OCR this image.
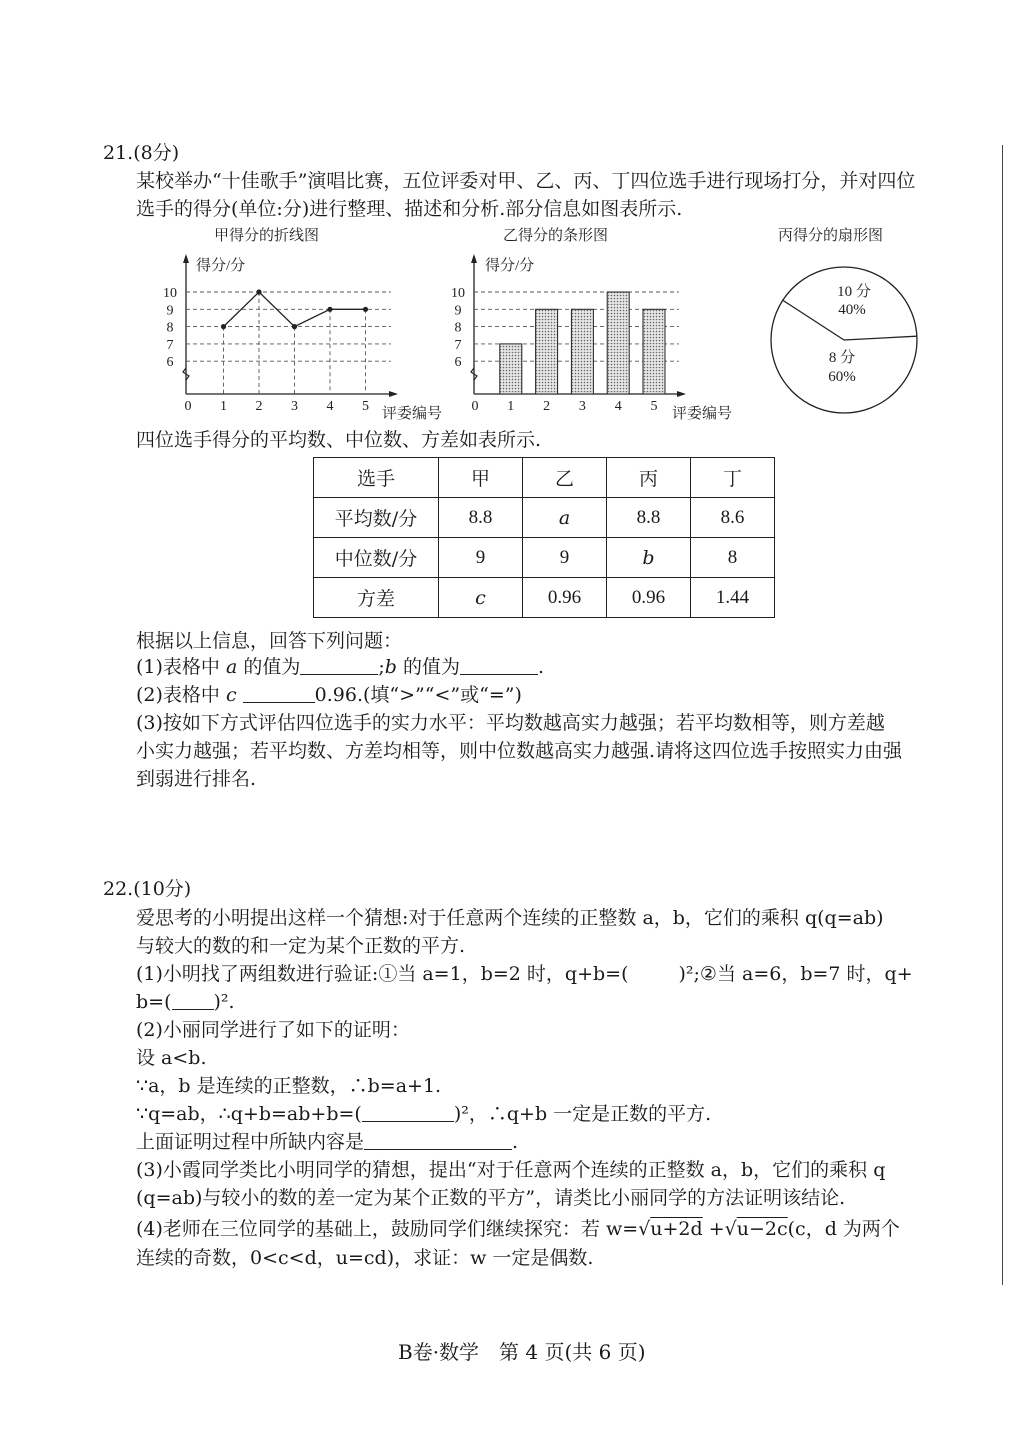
21.(8分)
某校举办“十佳歌手”演唱比赛，五位评委对甲、乙、丙、丁四位选手进行现场打分，并对四位
选手的得分(单位:分)进行整理、描述和分析.部分信息如图表所示.
甲得分的折线图
得分/分
6
7
8
9
10
0 1 2 3 4 5 评委编号
乙得分的条形图
得分/分
6
7
8
9
10
0 1 2 3 4 5 评委编号
丙得分的扇形图
10 分
40%
8 分
60%
四位选手得分的平均数、中位数、方差如表所示.
选手	甲	乙	丙	丁
平均数/分	8.8	a	8.8	8.6
中位数/分	9	9	b	8
方差	c	0.96	0.96	1.44
根据以上信息，回答下列问题：
(1)表格中 a 的值为	;b 的值为	.
(2)表格中 c	0.96.(填“>”“<”或“=”)
(3)按如下方式评估四位选手的实力水平：平均数越高实力越强；若平均数相等，则方差越
小实力越强；若平均数、方差均相等，则中位数越高实力越强.请将这四位选手按照实力由强
到弱进行排名.
22.(10分)
爱思考的小明提出这样一个猜想:对于任意两个连续的正整数 a，b，它们的乘积 q(q=ab)
与较大的数的和一定为某个正数的平方.
(1)小明找了两组数进行验证:①当 a=1，b=2 时，q+b=(	)²;②当 a=6，b=7 时，q+
b=( )².
(2)小丽同学进行了如下的证明：
设 a<b.
∵a，b 是连续的正整数，∴b=a+1.
∵q=ab，∴q+b=ab+b=(	)²，∴q+b 一定是正数的平方.
上面证明过程中所缺内容是	.
(3)小霞同学类比小明同学的猜想，提出“对于任意两个连续的正整数 a，b，它们的乘积 q
(q=ab)与较小的数的差一定为某个正数的平方”，请类比小丽同学的方法证明该结论.
(4)老师在三位同学的基础上，鼓励同学们继续探究：若 w=√u+2d +√u−2c(c，d 为两个
连续的奇数，0<c<d，u=cd)，求证：w 一定是偶数.
B卷·数学　第 4 页(共 6 页)
